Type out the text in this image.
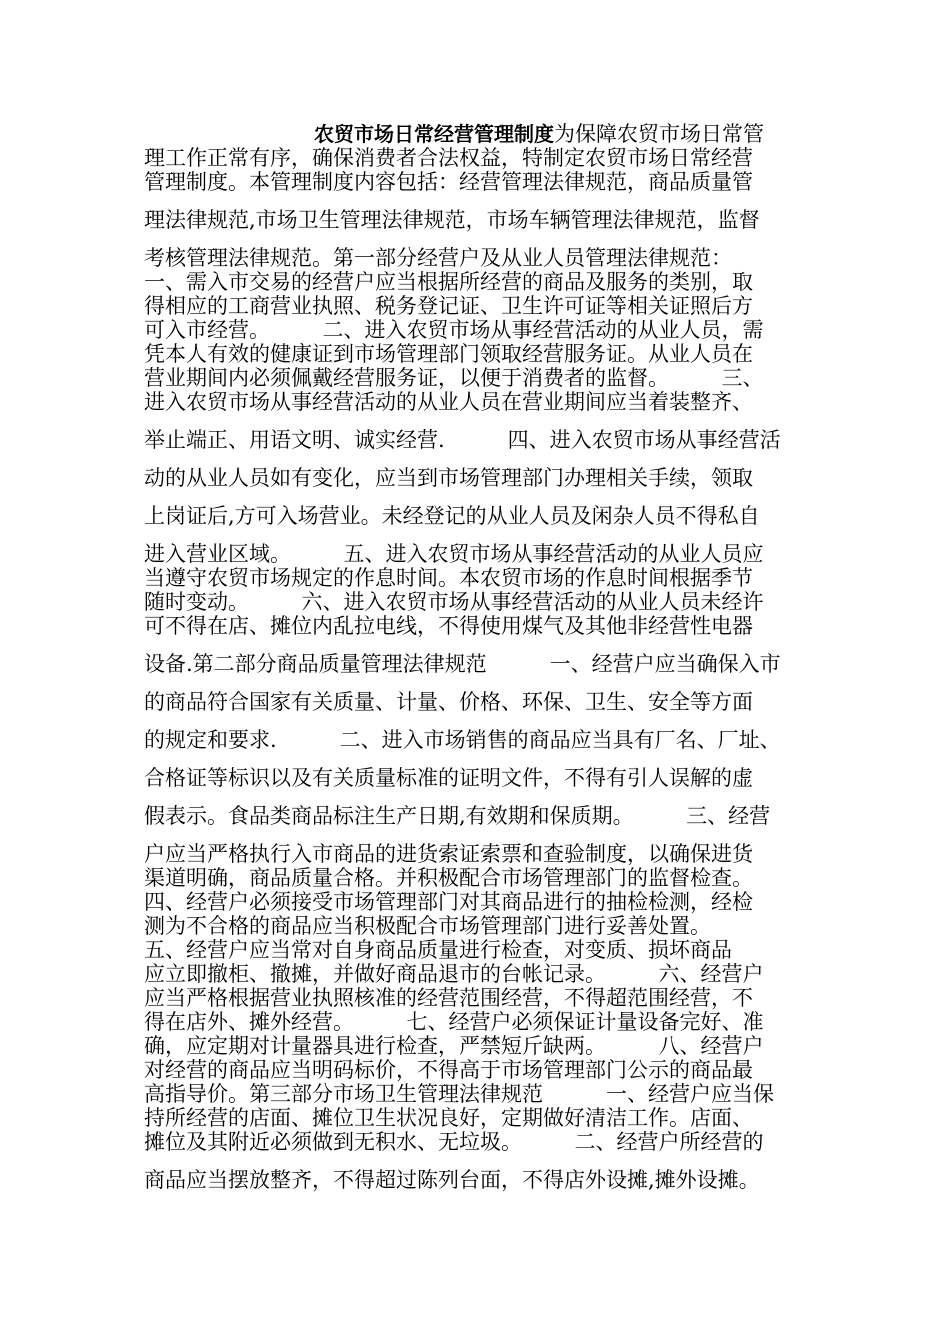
农贸市场日常经营管理制度为保障农贸市场日常管
理工作正常有序，确保消费者合法权益，特制定农贸市场日常经营
管理制度。本管理制度内容包括：经营管理法律规范，商品质量管
理法律规范,市场卫生管理法律规范，市场车辆管理法律规范，监督
考核管理法律规范。第一部分经营户及从业人员管理法律规范：
一、需入市交易的经营户应当根据所经营的商品及服务的类别，取
得相应的工商营业执照、税务登记证、卫生许可证等相关证照后方
可入市经营。　　　二、进入农贸市场从事经营活动的从业人员，需
凭本人有效的健康证到市场管理部门领取经营服务证。从业人员在
营业期间内必须佩戴经营服务证，以便于消费者的监督。　　　三、
进入农贸市场从事经营活动的从业人员在营业期间应当着装整齐、
举止端正、用语文明、诚实经营.　　　四、进入农贸市场从事经营活
动的从业人员如有变化，应当到市场管理部门办理相关手续，领取
上岗证后,方可入场营业。未经登记的从业人员及闲杂人员不得私自
进入营业区域。　　　五、进入农贸市场从事经营活动的从业人员应
当遵守农贸市场规定的作息时间。本农贸市场的作息时间根据季节
随时变动。　　　六、进入农贸市场从事经营活动的从业人员未经许
可不得在店、摊位内乱拉电线，不得使用煤气及其他非经营性电器
设备.第二部分商品质量管理法律规范　　　一、经营户应当确保入市
的商品符合国家有关质量、计量、价格、环保、卫生、安全等方面
的规定和要求.　　　二、进入市场销售的商品应当具有厂名、厂址、
合格证等标识以及有关质量标准的证明文件，不得有引人误解的虚
假表示。食品类商品标注生产日期,有效期和保质期。　　　三、经营
户应当严格执行入市商品的进货索证索票和查验制度，以确保进货
渠道明确，商品质量合格。并积极配合市场管理部门的监督检查。
四、经营户必须接受市场管理部门对其商品进行的抽检检测，经检
测为不合格的商品应当积极配合市场管理部门进行妥善处置。
五、经营户应当常对自身商品质量进行检查，对变质、损坏商品
应立即撤柜、撤摊，并做好商品退市的台帐记录。　　　六、经营户
应当严格根据营业执照核准的经营范围经营，不得超范围经营，不
得在店外、摊外经营。　　　七、经营户必须保证计量设备完好、准
确，应定期对计量器具进行检查，严禁短斤缺两。　　　八、经营户
对经营的商品应当明码标价，不得高于市场管理部门公示的商品最
高指导价。第三部分市场卫生管理法律规范　　　一、经营户应当保
持所经营的店面、摊位卫生状况良好，定期做好清洁工作。店面、
摊位及其附近必须做到无积水、无垃圾。　　　二、经营户所经营的
商品应当摆放整齐，不得超过陈列台面，不得店外设摊,摊外设摊。
